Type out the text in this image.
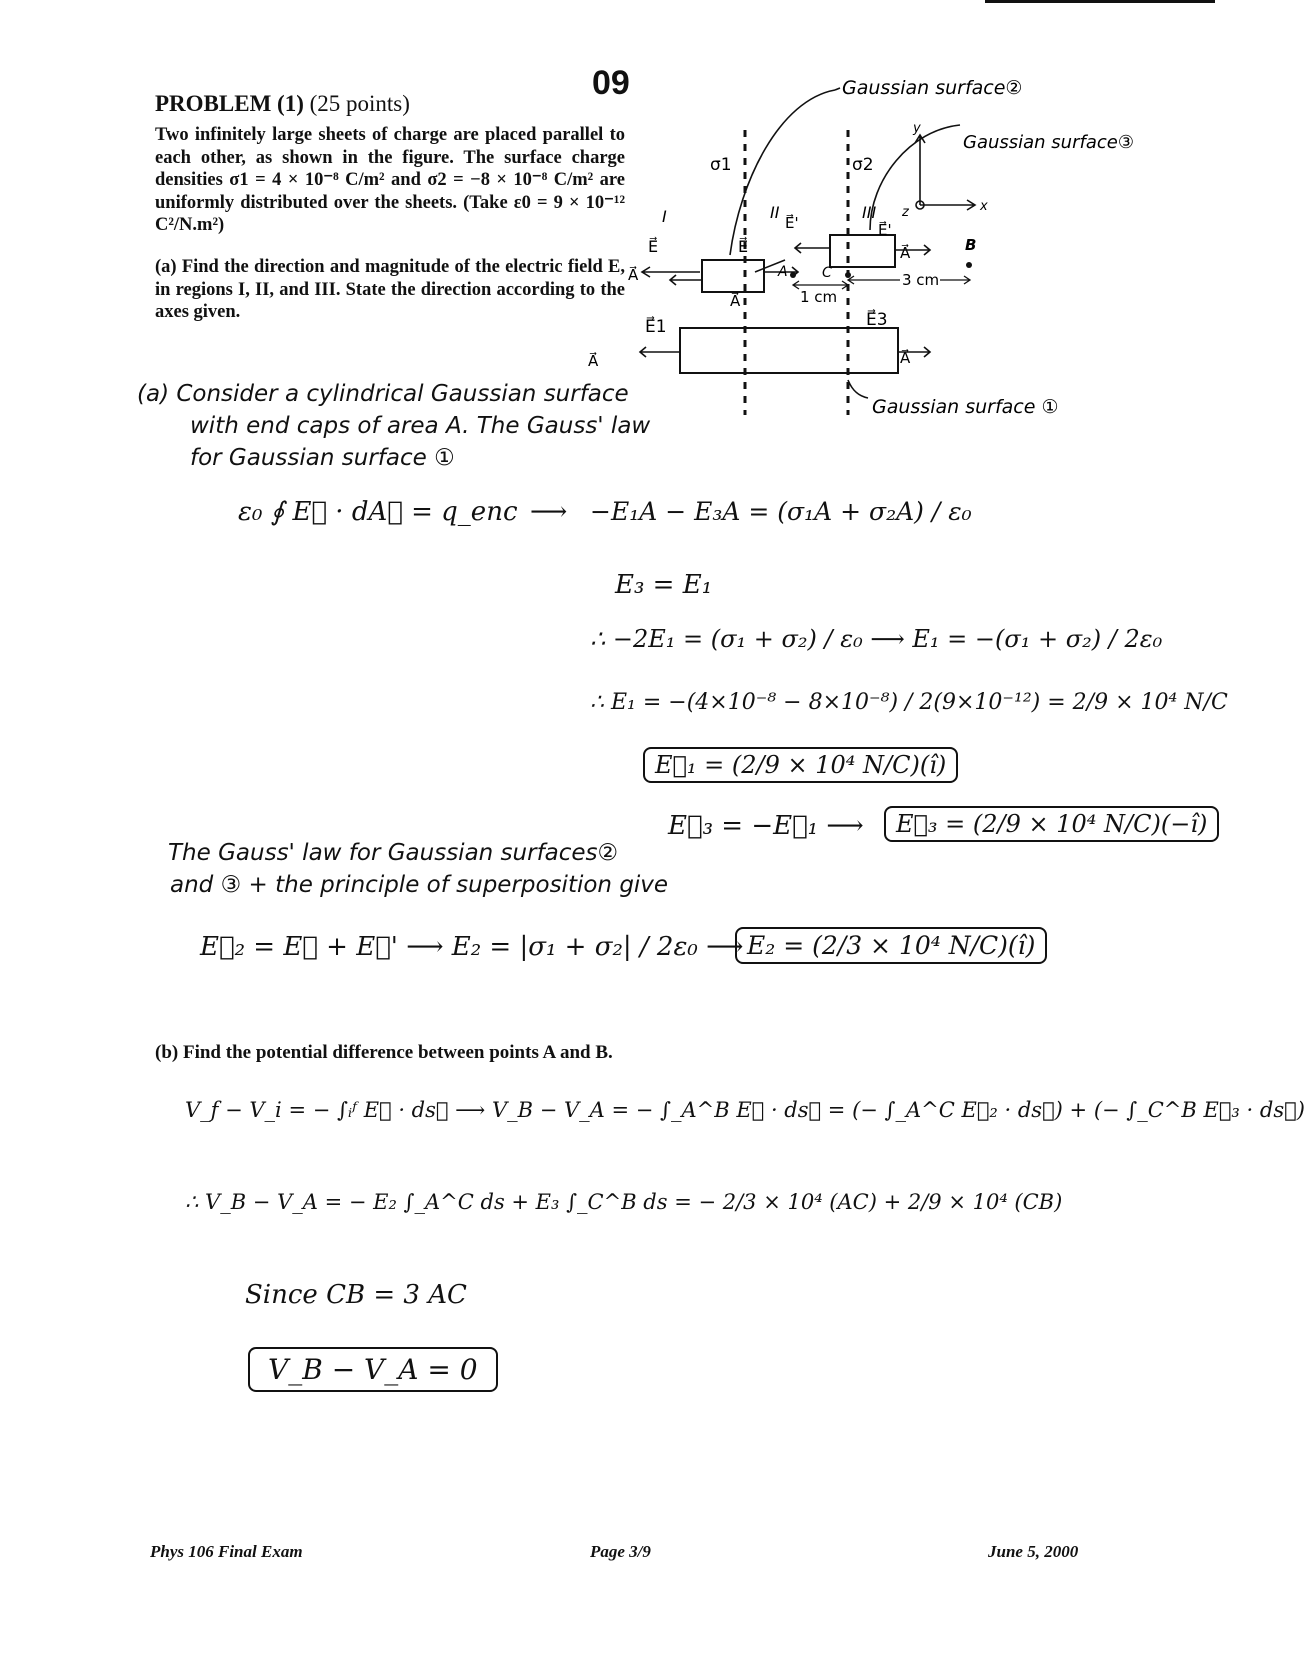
09
PROBLEM (1) (25 points)
Two infinitely large sheets of charge are placed parallel to each other, as shown in the figure. The surface charge densities σ1 = 4 × 10⁻⁸ C/m² and σ2 = −8 × 10⁻⁸ C/m² are uniformly distributed over the sheets. (Take ε0 = 9 × 10⁻¹² C²/N.m²)
(a) Find the direction and magnitude of the electric field E, in regions I, II, and III. State the direction according to the axes given.
Gaussian surface②
Gaussian surface③
Gaussian surface ①
σ1	σ2
I	II	III
E⃗	E⃗
E⃗'	E⃗'
E⃗1	E⃗3
A⃗
A⃗
A⃗
A⃗	A⃗
A C
B
1 cm
3 cm
y
x
z
(a) Consider a cylindrical Gaussian surface
with end caps of area A. The Gauss' law
for Gaussian surface ①
ε₀ ∮ E⃗ · dA⃗ = q_enc ⟶ −E₁A − E₃A = (σ₁A + σ₂A) / ε₀
E₃ = E₁
∴ −2E₁ = (σ₁ + σ₂) / ε₀ ⟶ E₁ = −(σ₁ + σ₂) / 2ε₀
∴ E₁ = −(4×10⁻⁸ − 8×10⁻⁸) / 2(9×10⁻¹²) = 2/9 × 10⁴ N/C
E⃗₁ = (2/9 × 10⁴ N/C)(î)
E⃗₃ = −E⃗₁ ⟶	E⃗₃ = (2/9 × 10⁴ N/C)(−î)
The Gauss' law for Gaussian surfaces②
and ③ + the principle of superposition give
E⃗₂ = E⃗ + E⃗' ⟶ E₂ = |σ₁ + σ₂| / 2ε₀ ⟶ E₂ = (2/3 × 10⁴ N/C)(î)
(b) Find the potential difference between points A and B.
V_f − V_i = − ∫ᵢᶠ E⃗ · ds⃗ ⟶ V_B − V_A = − ∫_A^B E⃗ · ds⃗ = (− ∫_A^C E⃗₂ · ds⃗) + (− ∫_C^B E⃗₃ · ds⃗)
∴ V_B − V_A = − E₂ ∫_A^C ds + E₃ ∫_C^B ds = − 2/3 × 10⁴ (AC) + 2/9 × 10⁴ (CB)
Since CB = 3 AC
V_B − V_A = 0
Phys 106 Final Exam	Page 3/9	June 5, 2000
